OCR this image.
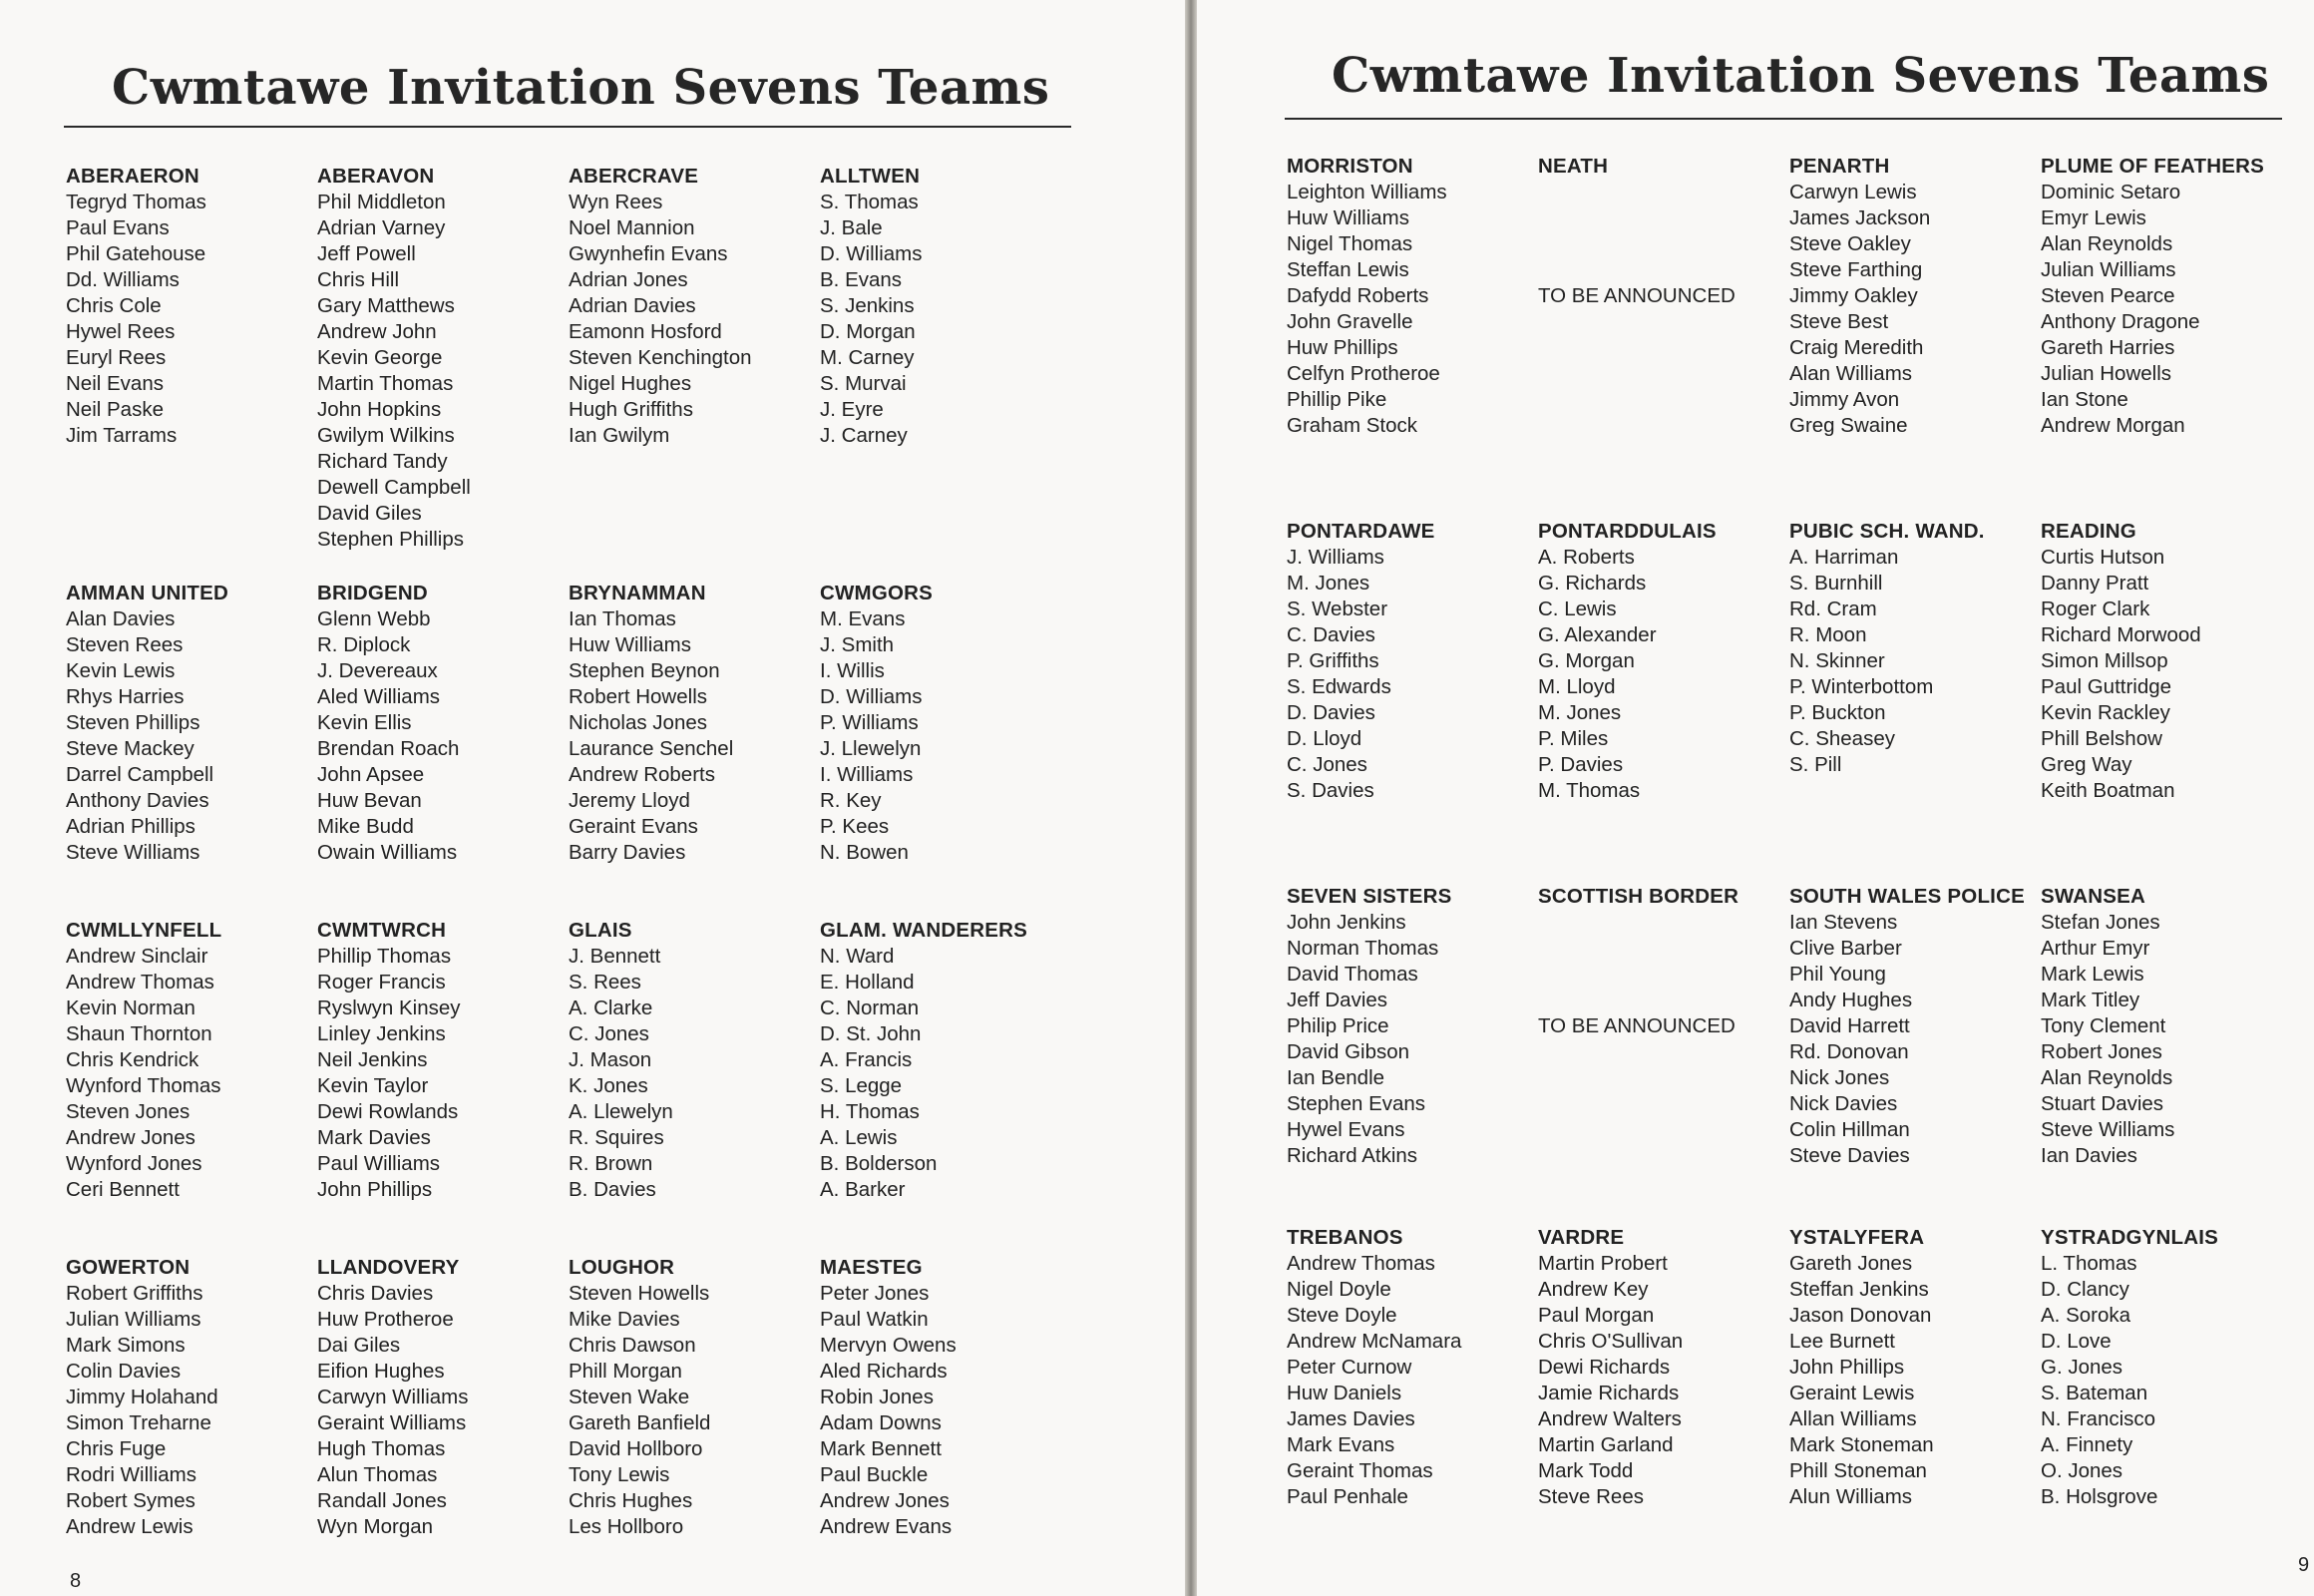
Cwmtawe Invitation Sevens Teams
ABERAERON
Tegryd Thomas
Paul Evans
Phil Gatehouse
Dd. Williams
Chris Cole
Hywel Rees
Euryl Rees
Neil Evans
Neil Paske
Jim Tarrams
ABERAVON
Phil Middleton
Adrian Varney
Jeff Powell
Chris Hill
Gary Matthews
Andrew John
Kevin George
Martin Thomas
John Hopkins
Gwilym Wilkins
Richard Tandy
Dewell Campbell
David Giles
Stephen Phillips
ABERCRAVE
Wyn Rees
Noel Mannion
Gwynhefin Evans
Adrian Jones
Adrian Davies
Eamonn Hosford
Steven Kenchington
Nigel Hughes
Hugh Griffiths
Ian Gwilym
ALLTWEN
S. Thomas
J. Bale
D. Williams
B. Evans
S. Jenkins
D. Morgan
M. Carney
S. Murvai
J. Eyre
J. Carney
AMMAN UNITED
Alan Davies
Steven Rees
Kevin Lewis
Rhys Harries
Steven Phillips
Steve Mackey
Darrel Campbell
Anthony Davies
Adrian Phillips
Steve Williams
BRIDGEND
Glenn Webb
R. Diplock
J. Devereaux
Aled Williams
Kevin Ellis
Brendan Roach
John Apsee
Huw Bevan
Mike Budd
Owain Williams
BRYNAMMAN
Ian Thomas
Huw Williams
Stephen Beynon
Robert Howells
Nicholas Jones
Laurance Senchel
Andrew Roberts
Jeremy Lloyd
Geraint Evans
Barry Davies
CWMGORS
M. Evans
J. Smith
I. Willis
D. Williams
P. Williams
J. Llewelyn
I. Williams
R. Key
P. Kees
N. Bowen
CWMLLYNFELL
Andrew Sinclair
Andrew Thomas
Kevin Norman
Shaun Thornton
Chris Kendrick
Wynford Thomas
Steven Jones
Andrew Jones
Wynford Jones
Ceri Bennett
CWMTWRCH
Phillip Thomas
Roger Francis
Ryslwyn Kinsey
Linley Jenkins
Neil Jenkins
Kevin Taylor
Dewi Rowlands
Mark Davies
Paul Williams
John Phillips
GLAIS
J. Bennett
S. Rees
A. Clarke
C. Jones
J. Mason
K. Jones
A. Llewelyn
R. Squires
R. Brown
B. Davies
GLAM. WANDERERS
N. Ward
E. Holland
C. Norman
D. St. John
A. Francis
S. Legge
H. Thomas
A. Lewis
B. Bolderson
A. Barker
GOWERTON
Robert Griffiths
Julian Williams
Mark Simons
Colin Davies
Jimmy Holahand
Simon Treharne
Chris Fuge
Rodri Williams
Robert Symes
Andrew Lewis
LLANDOVERY
Chris Davies
Huw Protheroe
Dai Giles
Eifion Hughes
Carwyn Williams
Geraint Williams
Hugh Thomas
Alun Thomas
Randall Jones
Wyn Morgan
LOUGHOR
Steven Howells
Mike Davies
Chris Dawson
Phill Morgan
Steven Wake
Gareth Banfield
David Hollboro
Tony Lewis
Chris Hughes
Les Hollboro
MAESTEG
Peter Jones
Paul Watkin
Mervyn Owens
Aled Richards
Robin Jones
Adam Downs
Mark Bennett
Paul Buckle
Andrew Jones
Andrew Evans
8
Cwmtawe Invitation Sevens Teams
MORRISTON
Leighton Williams
Huw Williams
Nigel Thomas
Steffan Lewis
Dafydd Roberts
John Gravelle
Huw Phillips
Celfyn Protheroe
Phillip Pike
Graham Stock
NEATH
TO BE ANNOUNCED
PENARTH
Carwyn Lewis
James Jackson
Steve Oakley
Steve Farthing
Jimmy Oakley
Steve Best
Craig Meredith
Alan Williams
Jimmy Avon
Greg Swaine
PLUME OF FEATHERS
Dominic Setaro
Emyr Lewis
Alan Reynolds
Julian Williams
Steven Pearce
Anthony Dragone
Gareth Harries
Julian Howells
Ian Stone
Andrew Morgan
PONTARDAWE
J. Williams
M. Jones
S. Webster
C. Davies
P. Griffiths
S. Edwards
D. Davies
D. Lloyd
C. Jones
S. Davies
PONTARDDULAIS
A. Roberts
G. Richards
C. Lewis
G. Alexander
G. Morgan
M. Lloyd
M. Jones
P. Miles
P. Davies
M. Thomas
PUBIC SCH. WAND.
A. Harriman
S. Burnhill
Rd. Cram
R. Moon
N. Skinner
P. Winterbottom
P. Buckton
C. Sheasey
S. Pill
READING
Curtis Hutson
Danny Pratt
Roger Clark
Richard Morwood
Simon Millsop
Paul Guttridge
Kevin Rackley
Phill Belshow
Greg Way
Keith Boatman
SEVEN SISTERS
John Jenkins
Norman Thomas
David Thomas
Jeff Davies
Philip Price
David Gibson
Ian Bendle
Stephen Evans
Hywel Evans
Richard Atkins
SCOTTISH BORDER
TO BE ANNOUNCED
SOUTH WALES POLICE
Ian Stevens
Clive Barber
Phil Young
Andy Hughes
David Harrett
Rd. Donovan
Nick Jones
Nick Davies
Colin Hillman
Steve Davies
SWANSEA
Stefan Jones
Arthur Emyr
Mark Lewis
Mark Titley
Tony Clement
Robert Jones
Alan Reynolds
Stuart Davies
Steve Williams
Ian Davies
TREBANOS
Andrew Thomas
Nigel Doyle
Steve Doyle
Andrew McNamara
Peter Curnow
Huw Daniels
James Davies
Mark Evans
Geraint Thomas
Paul Penhale
VARDRE
Martin Probert
Andrew Key
Paul Morgan
Chris O'Sullivan
Dewi Richards
Jamie Richards
Andrew Walters
Martin Garland
Mark Todd
Steve Rees
YSTALYFERA
Gareth Jones
Steffan Jenkins
Jason Donovan
Lee Burnett
John Phillips
Geraint Lewis
Allan Williams
Mark Stoneman
Phill Stoneman
Alun Williams
YSTRADGYNLAIS
L. Thomas
D. Clancy
A. Soroka
D. Love
G. Jones
S. Bateman
N. Francisco
A. Finnety
O. Jones
B. Holsgrove
9
